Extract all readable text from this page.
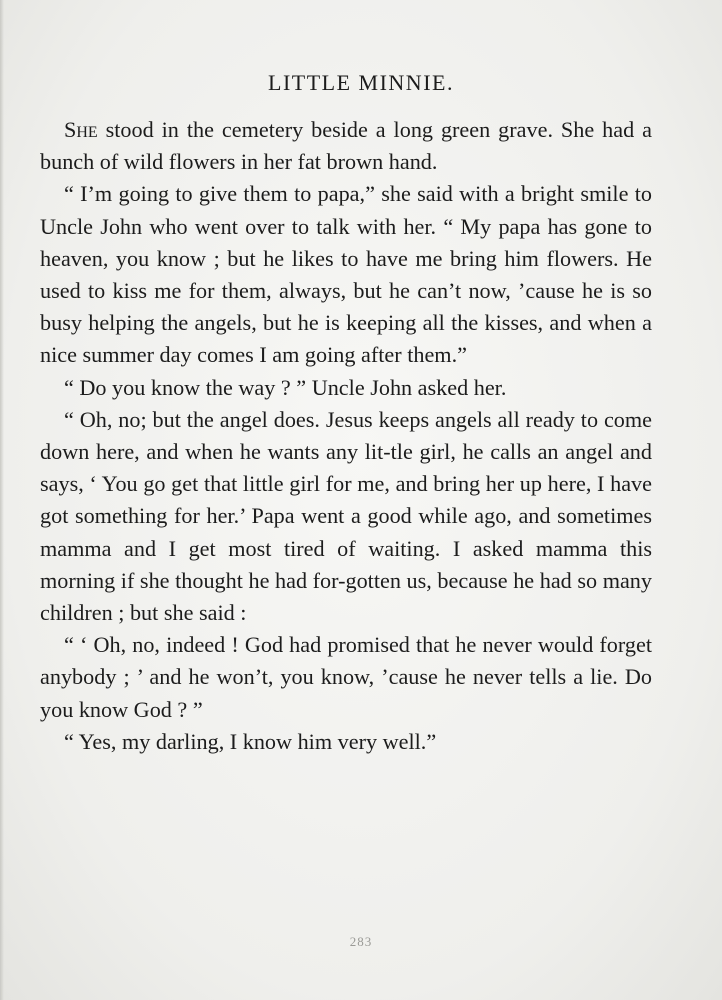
LITTLE MINNIE.

She stood in the cemetery beside a long green grave. She had a bunch of wild flowers in her fat brown hand.

“ I’m going to give them to papa,” she said with a bright smile to Uncle John who went over to talk with her. “ My papa has gone to heaven, you know ; but he likes to have me bring him flowers. He used to kiss me for them, always, but he can’t now, ’cause he is so busy helping the angels, but he is keeping all the kisses, and when a nice summer day comes I am going after them.”

“ Do you know the way ? ” Uncle John asked her.

“ Oh, no; but the angel does. Jesus keeps angels all ready to come down here, and when he wants any lit-tle girl, he calls an angel and says, ‘ You go get that little girl for me, and bring her up here, I have got something for her.’ Papa went a good while ago, and sometimes mamma and I get most tired of waiting. I asked mamma this morning if she thought he had for-gotten us, because he had so many children ; but she said :

“ ‘ Oh, no, indeed ! God had promised that he never would forget anybody ; ’ and he won’t, you know, ’cause he never tells a lie. Do you know God ? ”

“ Yes, my darling, I know him very well.”

283
